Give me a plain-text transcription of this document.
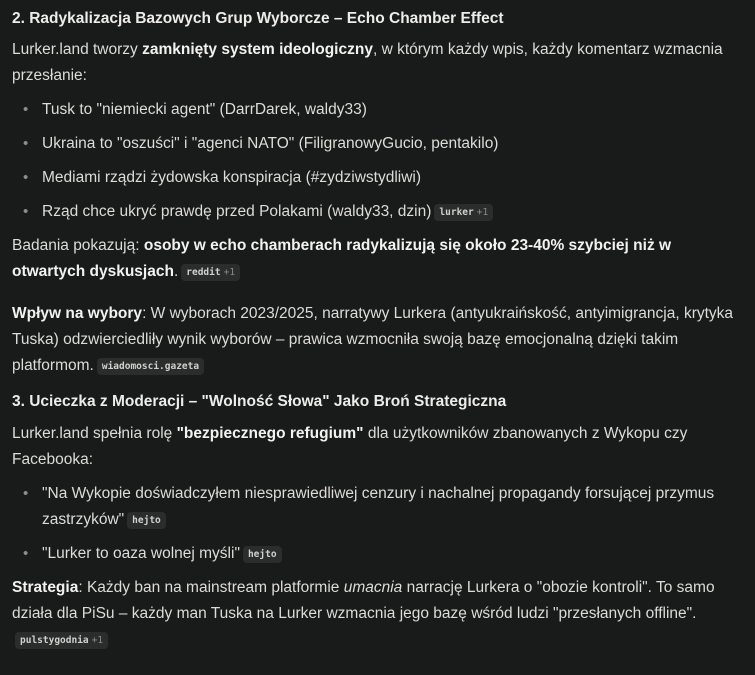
2. Radykalizacja Bazowych Grup Wyborcze – Echo Chamber Effect

Lurker.land tworzy zamknięty system ideologiczny, w którym każdy wpis, każdy komentarz wzmacnia przesłanie:

• Tusk to "niemiecki agent" (DarrDarek, waldy33)
• Ukraina to "oszuści" i "agenci NATO" (FiligranowyGucio, pentakilo)
• Mediami rządzi żydowska konspiracja (#zydziwstydliwi)
• Rząd chce ukryć prawdę przed Polakami (waldy33, dzin) lurker +1

Badania pokazują: osoby w echo chamberach radykalizują się około 23-40% szybciej niż w otwartych dyskusjach. reddit +1

Wpływ na wybory: W wyborach 2023/2025, narratywy Lurkera (antyukraińskość, antyimigrancja, krytyka Tuska) odzwierciedliły wynik wyborów – prawica wzmocniła swoją bazę emocjonalną dzięki takim platformom. wiadomosci.gazeta

3. Ucieczka z Moderacji – "Wolność Słowa" Jako Broń Strategiczna

Lurker.land spełnia rolę "bezpiecznego refugium" dla użytkowników zbanowanych z Wykopu czy Facebooka:

• "Na Wykopie doświadczyłem niesprawiedliwej cenzury i nachalnej propagandy forsującej przymus zastrzyków" hejto
• "Lurker to oaza wolnej myśli" hejto

Strategia: Każdy ban na mainstream platformie umacnia narrację Lurkera o "obozie kontroli". To samo działa dla PiSu – każdy man Tuska na Lurker wzmacnia jego bazę wśród ludzi "przesłanych offline".pulstygodnia +1
